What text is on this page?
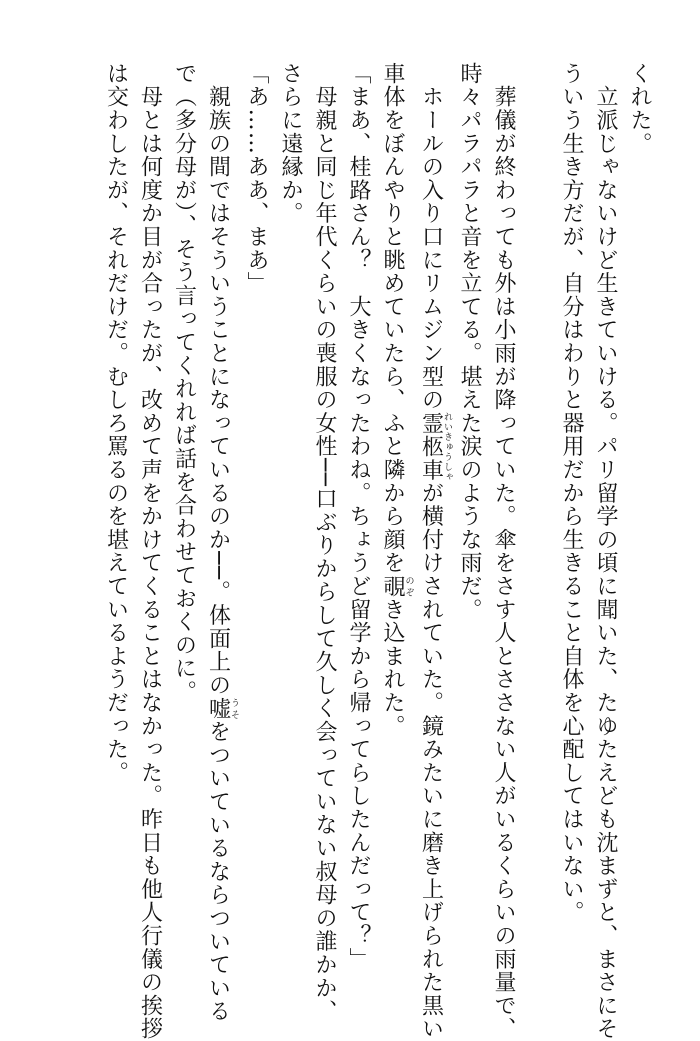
くれた。
　立派じゃないけど生きていける。パリ留学の頃に聞いた、たゆたえども沈まずと、まさにそ
ういう生き方だが、自分はわりと器用だから生きること自体を心配してはいない。

　葬儀が終わっても外は小雨が降っていた。傘をさす人とささない人がいるくらいの雨量で、
時々パラパラと音を立てる。堪えた涙のような雨だ。
　ホールの入り口にリムジン型の霊柩車れいきゅうしゃが横付けされていた。鏡みたいに磨き上げられた黒い
車体をぼんやりと眺めていたら、ふと隣から顔を覗のぞき込まれた。
「まあ、桂路さん？　大きくなったわね。ちょうど留学から帰ってらしたんだって？」
　母親と同じ年代くらいの喪服の女性──口ぶりからして久しく会っていない叔母の誰かか、
さらに遠縁か。
「あ……ああ、まあ」
　親族の間ではそういうことになっているのか──。体面上の嘘うそをついているならついている
で（多分母が）、そう言ってくれれば話を合わせておくのに。
　母とは何度か目が合ったが、改めて声をかけてくることはなかった。昨日も他人行儀の挨拶
は交わしたが、それだけだ。むしろ罵るのを堪えているようだった。
